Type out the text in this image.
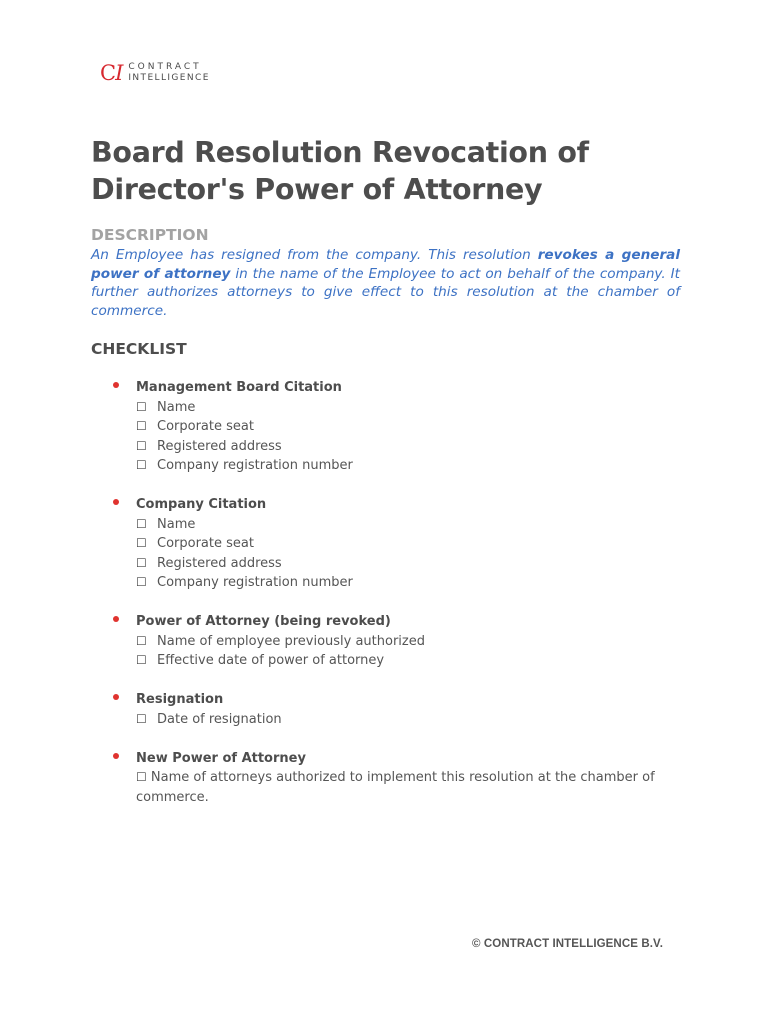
CI CONTRACT
INTELLIGENCE
Board Resolution Revocation of Director's Power of Attorney
DESCRIPTION

An Employee has resigned from the company. This resolution revokes a general power of attorney in the name of the Employee to act on behalf of the company. It further authorizes attorneys to give effect to this resolution at the chamber of commerce.

CHECKLIST
Management Board Citation
☐ Name
☐ Corporate seat
☐ Registered address
☐ Company registration number
Company Citation
☐ Name
☐ Corporate seat
☐ Registered address
☐ Company registration number
Power of Attorney (being revoked)
☐ Name of employee previously authorized
☐ Effective date of power of attorney
Resignation
☐ Date of resignation
New Power of Attorney
☐ Name of attorneys authorized to implement this resolution at the chamber of commerce.
© CONTRACT INTELLIGENCE B.V.
